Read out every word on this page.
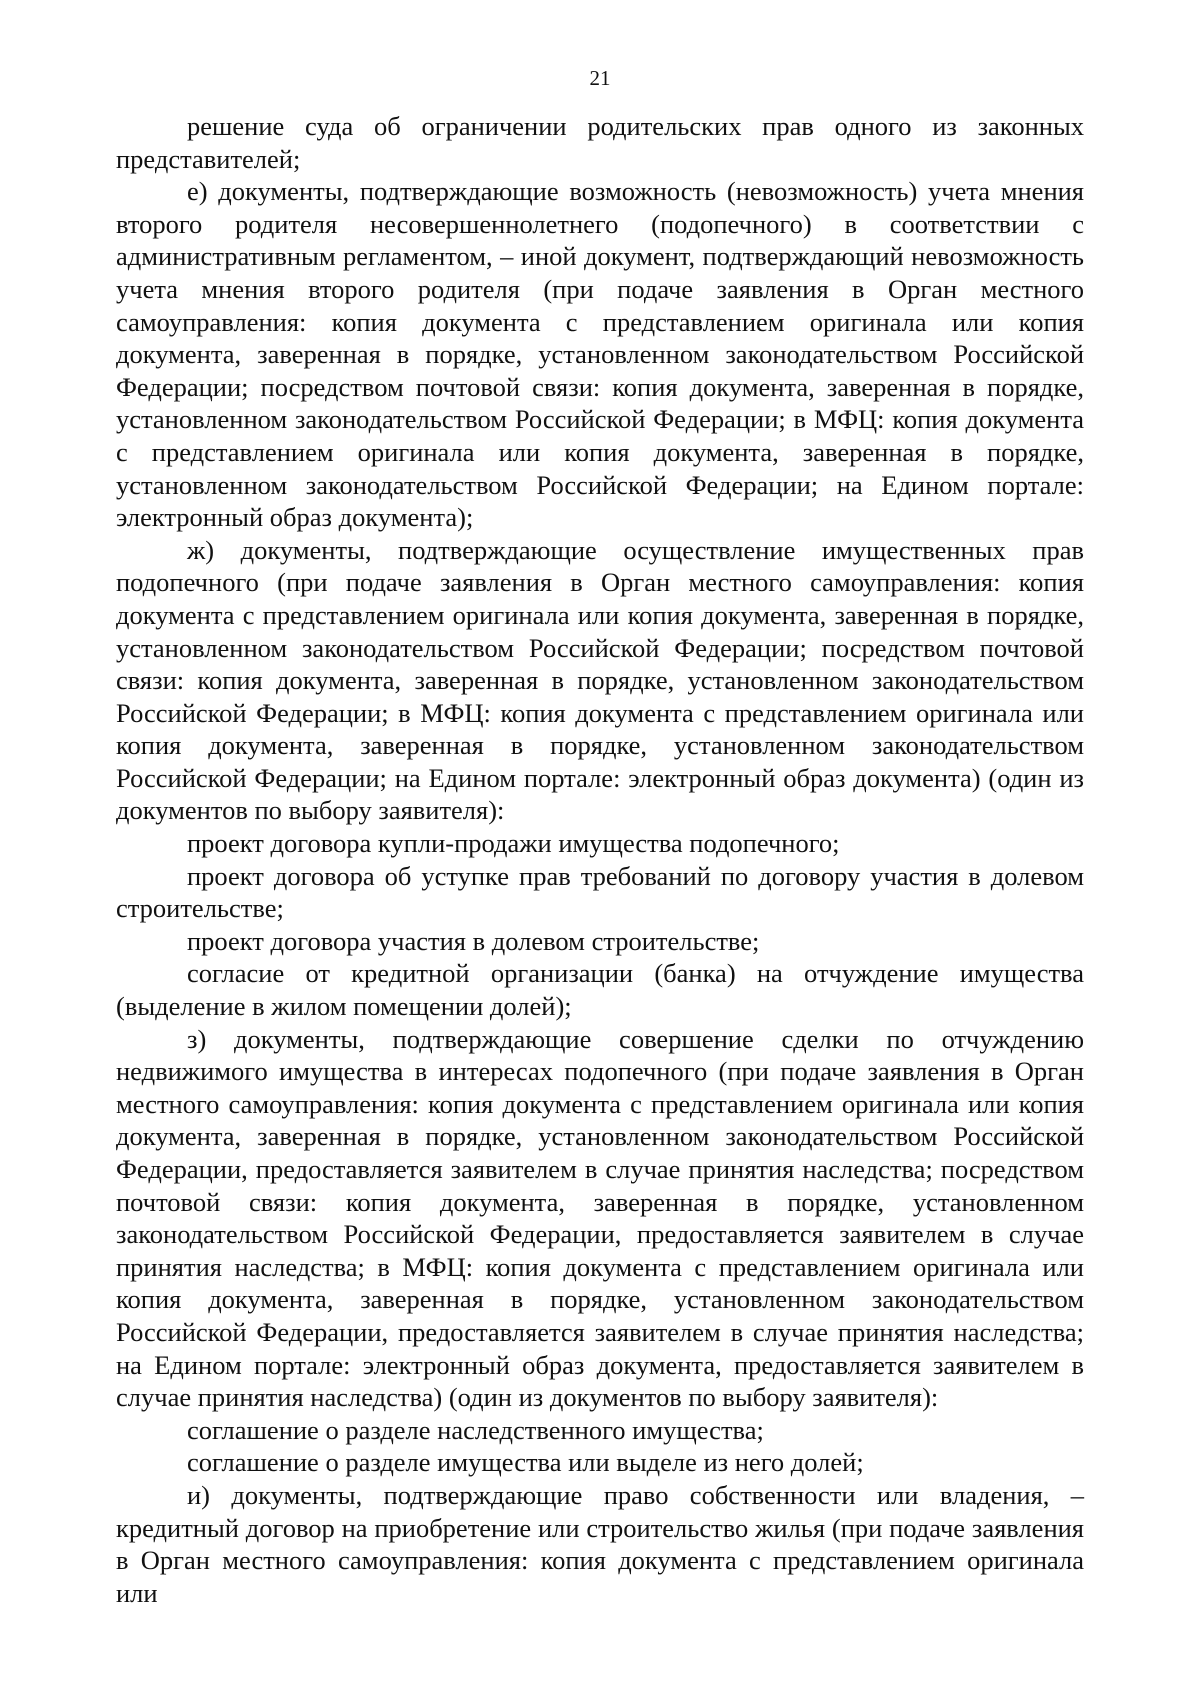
21

решение суда об ограничении родительских прав одного из законных представителей;

е) документы, подтверждающие возможность (невозможность) учета мнения второго родителя несовершеннолетнего (подопечного) в соответствии с административным регламентом, – иной документ, подтверждающий невозможность учета мнения второго родителя (при подаче заявления в Орган местного самоуправления: копия документа с представлением оригинала или копия документа, заверенная в порядке, установленном законодательством Российской Федерации; посредством почтовой связи: копия документа, заверенная в порядке, установленном законодательством Российской Федерации; в МФЦ: копия документа с представлением оригинала или копия документа, заверенная в порядке, установленном законодательством Российской Федерации; на Едином портале: электронный образ документа);

ж) документы, подтверждающие осуществление имущественных прав подопечного (при подаче заявления в Орган местного самоуправления: копия документа с представлением оригинала или копия документа, заверенная в порядке, установленном законодательством Российской Федерации; посредством почтовой связи: копия документа, заверенная в порядке, установленном законодательством Российской Федерации; в МФЦ: копия документа с представлением оригинала или копия документа, заверенная в порядке, установленном законодательством Российской Федерации; на Едином портале: электронный образ документа) (один из документов по выбору заявителя):

проект договора купли-продажи имущества подопечного;

проект договора об уступке прав требований по договору участия в долевом строительстве;

проект договора участия в долевом строительстве;

согласие от кредитной организации (банка) на отчуждение имущества (выделение в жилом помещении долей);

з) документы, подтверждающие совершение сделки по отчуждению недвижимого имущества в интересах подопечного (при подаче заявления в Орган местного самоуправления: копия документа с представлением оригинала или копия документа, заверенная в порядке, установленном законодательством Российской Федерации, предоставляется заявителем в случае принятия наследства; посредством почтовой связи: копия документа, заверенная в порядке, установленном законодательством Российской Федерации, предоставляется заявителем в случае принятия наследства; в МФЦ: копия документа с представлением оригинала или копия документа, заверенная в порядке, установленном законодательством Российской Федерации, предоставляется заявителем в случае принятия наследства; на Едином портале: электронный образ документа, предоставляется заявителем в случае принятия наследства) (один из документов по выбору заявителя):

соглашение о разделе наследственного имущества;

соглашение о разделе имущества или выделе из него долей;

и) документы, подтверждающие право собственности или владения, – кредитный договор на приобретение или строительство жилья (при подаче заявления в Орган местного самоуправления: копия документа с представлением оригинала или
